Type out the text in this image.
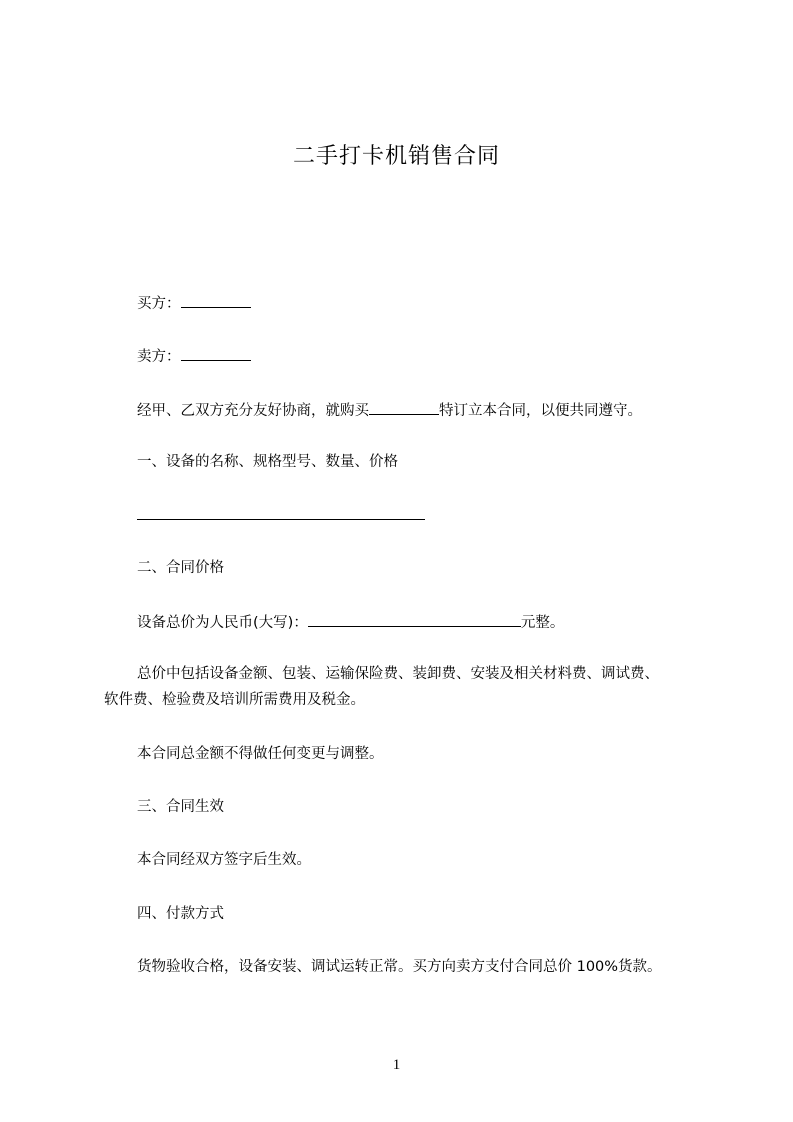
二手打卡机销售合同
买方：
卖方：
经甲、乙双方充分友好协商，就购买	特订立本合同，以便共同遵守。
一、设备的名称、规格型号、数量、价格
二、合同价格
设备总价为人民币(大写)：	元整。
总价中包括设备金额、包装、运输保险费、装卸费、安装及相关材料费、调试费、
软件费、检验费及培训所需费用及税金。
本合同总金额不得做任何变更与调整。
三、合同生效
本合同经双方签字后生效。
四、付款方式
货物验收合格，设备安装、调试运转正常。买方向卖方支付合同总价 100%货款。
1
